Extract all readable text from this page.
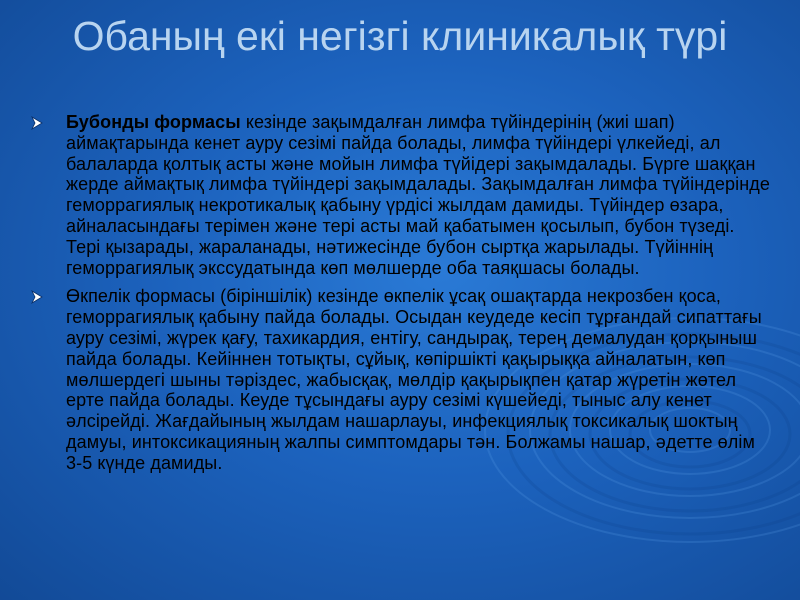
Обаның екі негізгі клиникалық түрі
Бубонды формасы кезінде зақымдалған лимфа түйіндерінің (жиі шап) аймақтарында кенет ауру сезімі пайда болады, лимфа түйіндері үлкейеді, ал балаларда қолтық асты және мойын лимфа түйідері зақымдалады. Бүрге шаққан жерде аймақтық лимфа түйіндері зақымдалады. Зақымдалған лимфа түйіндерінде геморрагиялық некротикалық қабыну үрдісі жылдам дамиды. Түйіндер өзара, айналасындағы терімен және тері асты май қабатымен қосылып, бубон түзеді. Тері қызарады, жараланады, нәтижесінде бубон сыртқа жарылады. Түйіннің геморрагиялық экссудатында көп мөлшерде оба таяқшасы болады.
Өкпелік формасы (біріншілік) кезінде өкпелік ұсақ ошақтарда некрозбен қоса, геморрагиялық қабыну пайда болады. Осыдан кеудеде кесіп тұрғандай сипаттағы ауру сезімі, жүрек қағу, тахикардия, ентігу, сандырақ, терең демалудан қорқыныш пайда болады. Кейіннен тотықты, сұйық, көпіршікті қақырыққа айналатын, көп мөлшердегі шыны тәріздес, жабысқақ, мөлдір қақырықпен қатар жүретін жөтел ерте пайда болады. Кеуде тұсындағы ауру сезімі күшейеді, тыныс алу кенет әлсірейді. Жағдайының жылдам нашарлауы, инфекциялық токсикалық шоктың дамуы, интоксикацияның жалпы симптомдары тән. Болжамы нашар, әдетте өлім 3-5 күнде дамиды.
